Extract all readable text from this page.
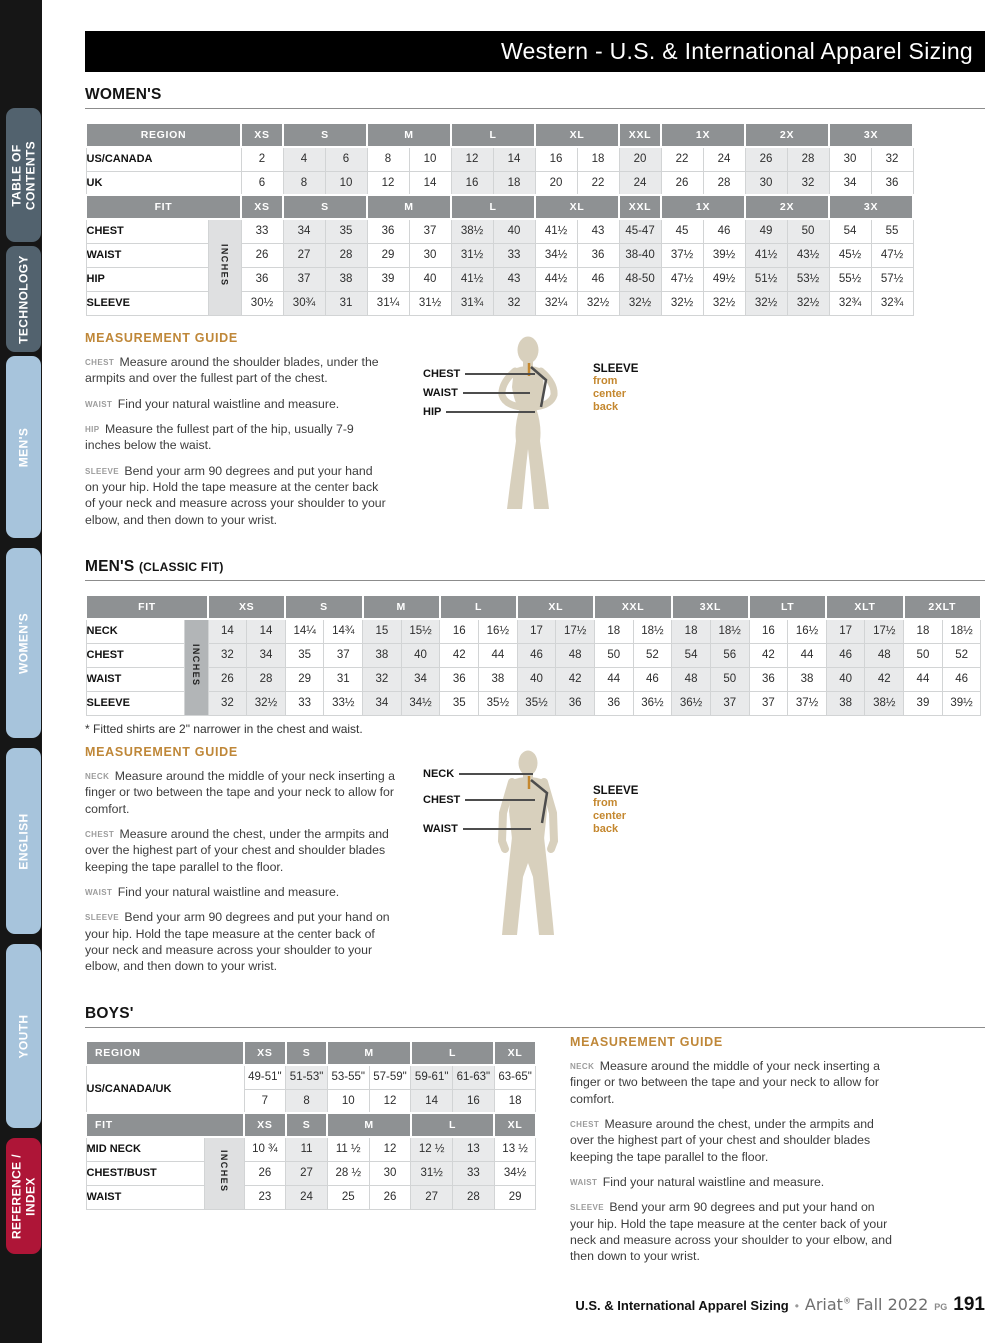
TABLE OF CONTENTS
TECHNOLOGY
MEN'S
WOMEN'S
ENGLISH
YOUTH
REFERENCE / INDEX
Western - U.S. & International Apparel Sizing
WOMEN'S
REGION		XS	S		M		L		XL		XXL	1X		2X		3X	
US/CANADA		2	4	6	8	10	12	14	16	18	20	22	24	26	28	30	32
UK		6	8	10	12	14	16	18	20	22	24	26	28	30	32	34	36
FIT		XS	S		M		L		XL		XXL	1X		2X		3X	
CHEST	INCHES	33	34	35	36	37	38½	40	41½	43	45-47	45	46	49	50	54	55
WAIST		26	27	28	29	30	31½	33	34½	36	38-40	37½	39½	41½	43½	45½	47½
HIP		36	37	38	39	40	41½	43	44½	46	48-50	47½	49½	51½	53½	55½	57½
SLEEVE		30½	30¾	31	31¼	31½	31¾	32	32¼	32½	32½	32½	32½	32½	32½	32¾	32¾
MEASUREMENT GUIDE

CHEST Measure around the shoulder blades, under the armpits and over the fullest part of the chest.

WAIST Find your natural waistline and measure.

HIP Measure the fullest part of the hip, usually 7-9 inches below the waist.

SLEEVE Bend your arm 90 degrees and put your hand on your hip. Hold the tape measure at the center back of your neck and measure across your shoulder to your elbow, and then down to your wrist.

CHEST
WAIST
HIP
SLEEVE
from center back
MEN'S (CLASSIC FIT)
FIT		XS		S		M		L		XL		XXL		3XL		LT		XLT		2XLT	
NECK	INCHES	14	14	14¼	14¾	15	15½	16	16½	17	17½	18	18½	18	18½	16	16½	17	17½	18	18½
CHEST		32	34	35	37	38	40	42	44	46	48	50	52	54	56	42	44	46	48	50	52
WAIST		26	28	29	31	32	34	36	38	40	42	44	46	48	50	36	38	40	42	44	46
SLEEVE		32	32½	33	33½	34	34½	35	35½	35½	36	36	36½	36½	37	37	37½	38	38½	39	39½
* Fitted shirts are 2" narrower in the chest and waist.
MEASUREMENT GUIDE

NECK Measure around the middle of your neck inserting a finger or two between the tape and your neck to allow for comfort.

CHEST Measure around the chest, under the armpits and over the highest part of your chest and shoulder blades keeping the tape parallel to the floor.

WAIST Find your natural waistline and measure.

SLEEVE Bend your arm 90 degrees and put your hand on your hip. Hold the tape measure at the center back of your neck and measure across your shoulder to your elbow, and then down to your wrist.

NECK
CHEST
WAIST
SLEEVE
from center back
BOYS'
REGION		XS	S	M		L		XL
US/CANADA/UK		49-51"	51-53"	53-55"	57-59"	59-61"	61-63"	63-65"
		7	8	10	12	14	16	18
FIT		XS	S	M		L		XL
MID NECK	INCHES	10 ¾	11	11 ½	12	12 ½	13	13 ½
CHEST/BUST		26	27	28 ½	30	31½	33	34½
WAIST		23	24	25	26	27	28	29
MEASUREMENT GUIDE

NECK Measure around the middle of your neck inserting a finger or two between the tape and your neck to allow for comfort.

CHEST Measure around the chest, under the armpits and over the highest part of your chest and shoulder blades keeping the tape parallel to the floor.

WAIST Find your natural waistline and measure.

SLEEVE Bend your arm 90 degrees and put your hand on your hip. Hold the tape measure at the center back of your neck and measure across your shoulder to your elbow, and then down to your wrist.

U.S. & International Apparel Sizing • Ariat® Fall 2022 PG 191
